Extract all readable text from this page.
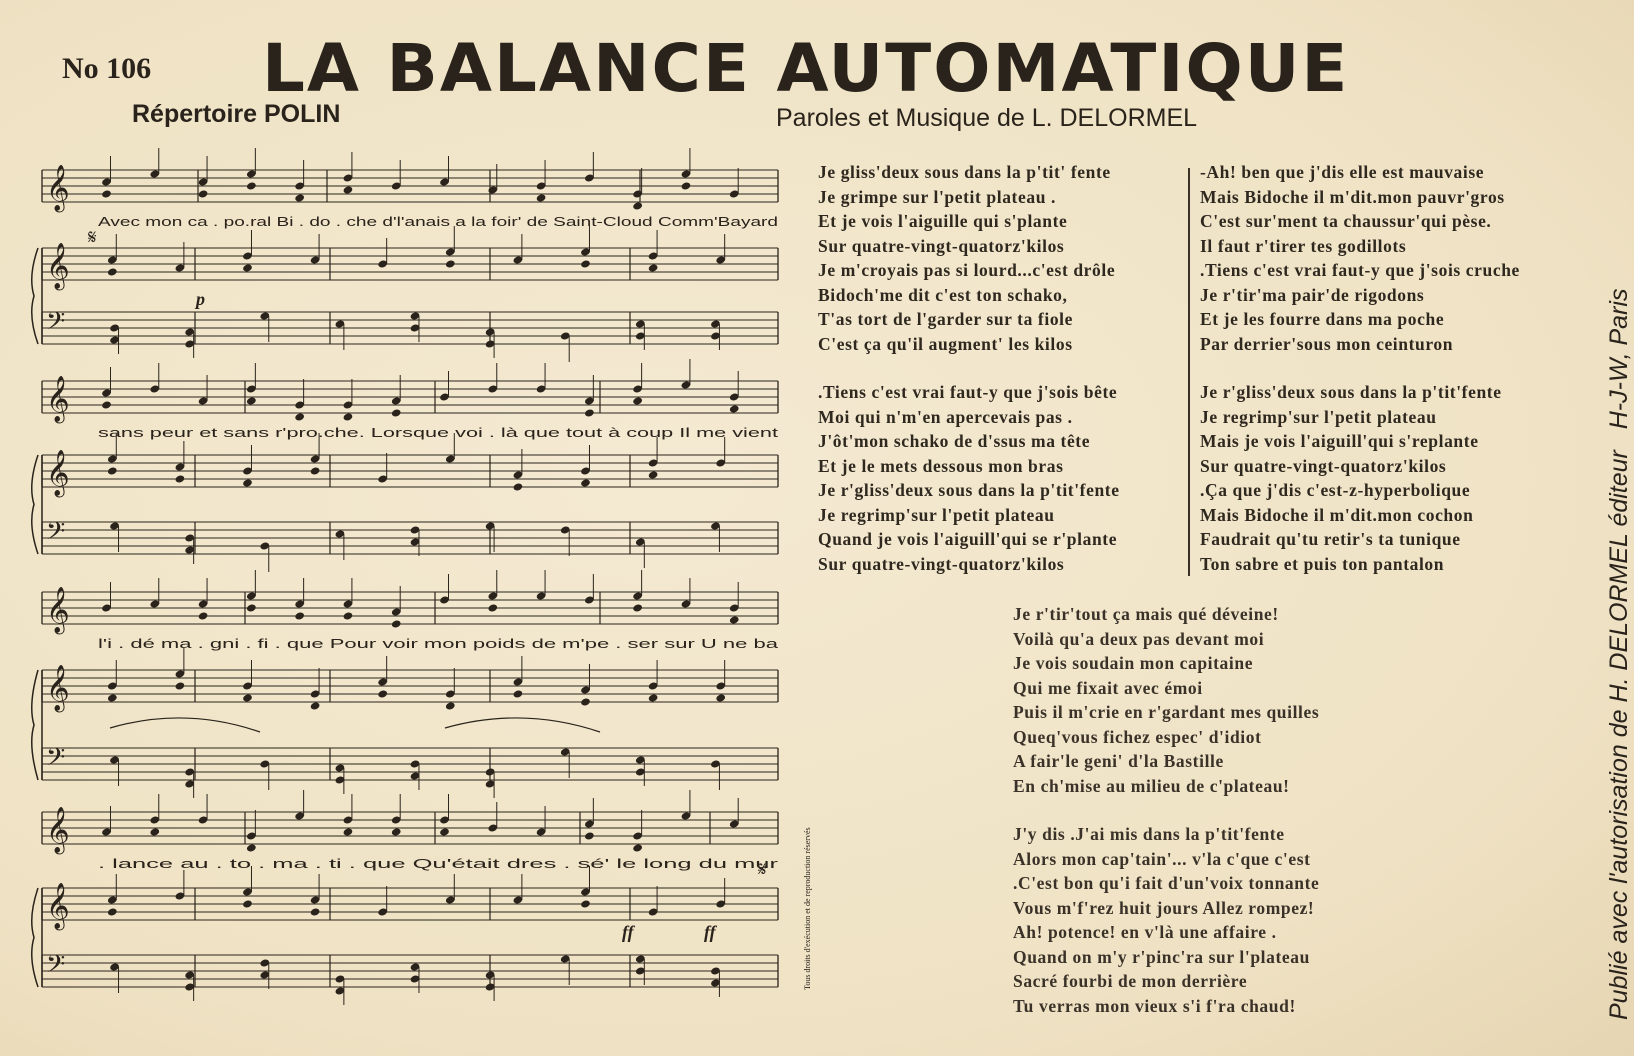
No 106 LA BALANCE AUTOMATIQUE
Répertoire POLIN	Paroles et Musique de L. DELORMEL
𝄞
𝄞
𝄢
Avec mon ca . po.ral Bi . do . che d'l'anais a la foir' de Saint-Cloud Comm'Bayard
𝄞
𝄞
𝄢
sans peur et sans r'pro.che. Lorsque voi . là que tout à coup Il me vient
𝄞
𝄞
𝄢
l'i . dé ma . gni . fi . que Pour voir mon poids de m'pe . ser sur U ne ba
𝄞
𝄞
𝄢
. lance au . to . ma . ti . que Qu'était dres . sé' le long du mur
p
ff	ff
𝄋
𝄋	Tous droits d'exécution et de reproduction réservés
Je gliss'deux sous dans la p'tit' fente
Je grimpe sur l'petit plateau .
Et je vois l'aiguille qui s'plante
Sur quatre-vingt-quatorz'kilos
Je m'croyais pas si lourd...c'est drôle
Bidoch'me dit c'est ton schako,
T'as tort de l'garder sur ta fiole
C'est ça qu'il augment' les kilos
.Tiens c'est vrai faut-y que j'sois bête
Moi qui n'm'en apercevais pas .
J'ôt'mon schako de d'ssus ma tête
Et je le mets dessous mon bras
Je r'gliss'deux sous dans la p'tit'fente
Je regrimp'sur l'petit plateau
Quand je vois l'aiguill'qui se r'plante
Sur quatre-vingt-quatorz'kilos
-Ah! ben que j'dis elle est mauvaise
Mais Bidoche il m'dit.mon pauvr'gros
C'est sur'ment ta chaussur'qui pèse.
Il faut r'tirer tes godillots
.Tiens c'est vrai faut-y que j'sois cruche
Je r'tir'ma pair'de rigodons
Et je les fourre dans ma poche
Par derrier'sous mon ceinturon
Je r'gliss'deux sous dans la p'tit'fente
Je regrimp'sur l'petit plateau
Mais je vois l'aiguill'qui s'replante
Sur quatre-vingt-quatorz'kilos
.Ça que j'dis c'est-z-hyperbolique
Mais Bidoche il m'dit.mon cochon
Faudrait qu'tu retir's ta tunique
Ton sabre et puis ton pantalon
Je r'tir'tout ça mais qué déveine!
Voilà qu'a deux pas devant moi
Je vois soudain mon capitaine
Qui me fixait avec émoi
Puis il m'crie en r'gardant mes quilles
Queq'vous fichez espec' d'idiot
A fair'le geni' d'la Bastille
En ch'mise au milieu de c'plateau!
J'y dis .J'ai mis dans la p'tit'fente
Alors mon cap'tain'... v'la c'que c'est
.C'est bon qu'i fait d'un'voix tonnante
Vous m'f'rez huit jours Allez rompez!
Ah! potence! en v'là une affaire .
Quand on m'y r'pinc'ra sur l'plateau
Sacré fourbi de mon derrière
Tu verras mon vieux s'i f'ra chaud!	Publié avec l'autorisation de H. DELORMEL éditeur   H-J-W, Paris
